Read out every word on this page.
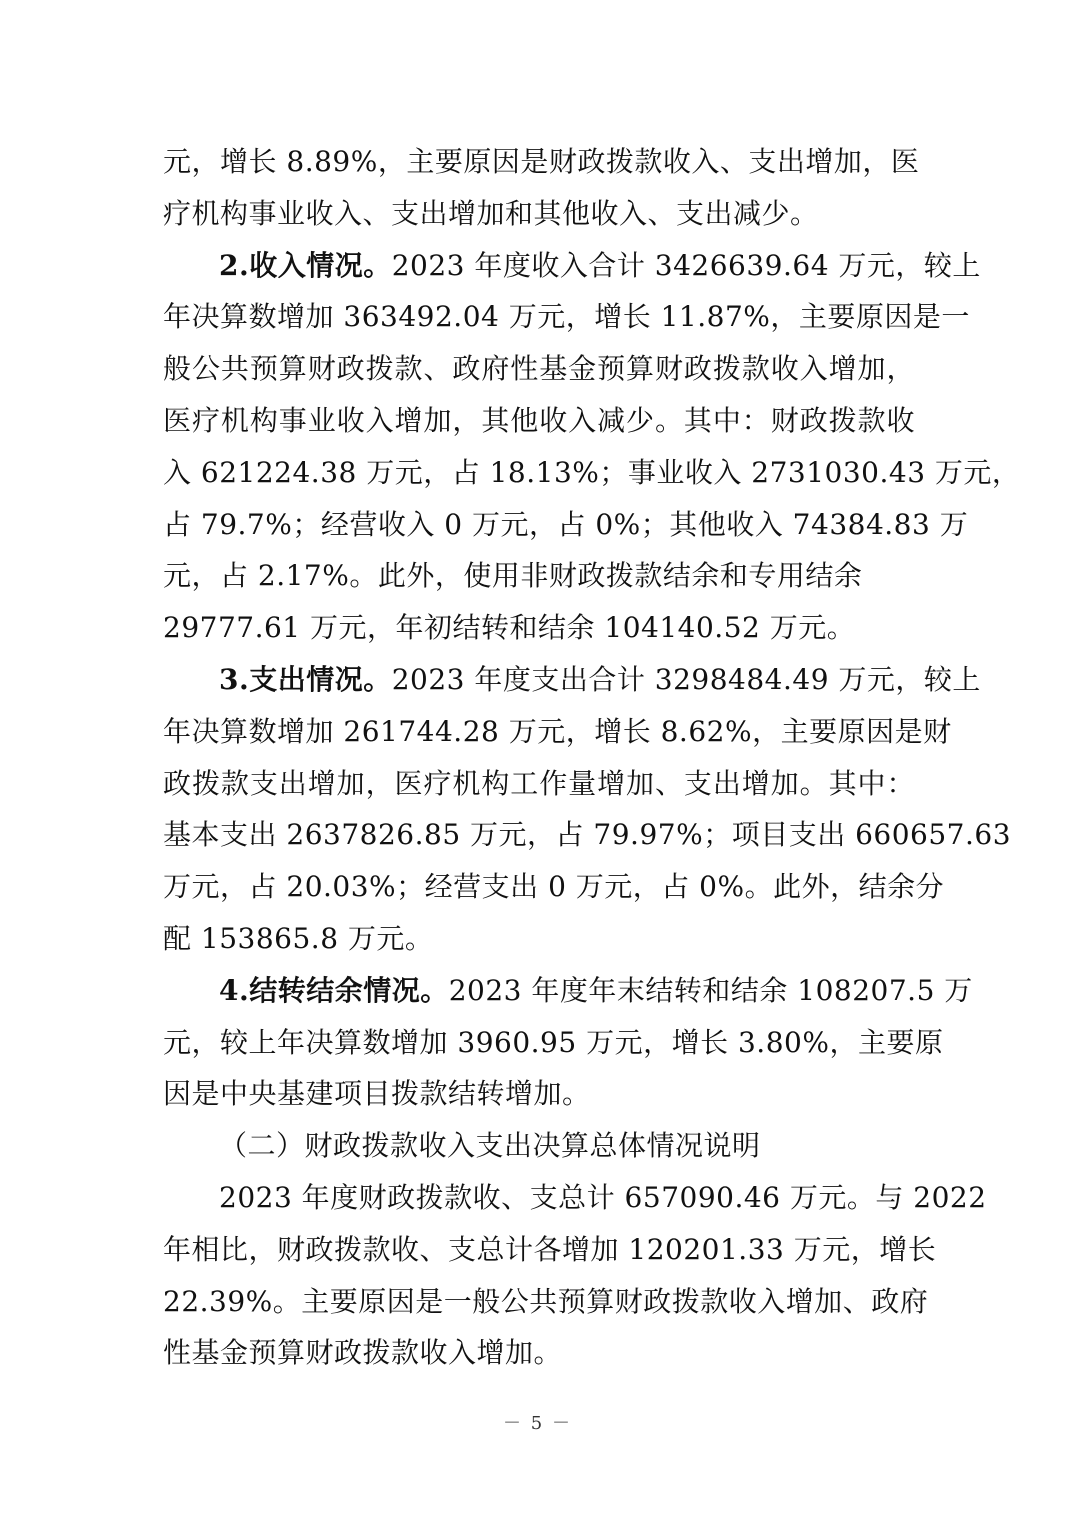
元，增长 8.89%，主要原因是财政拨款收入、支出增加，医
疗机构事业收入、支出增加和其他收入、支出减少。
2.收入情况。2023 年度收入合计 3426639.64 万元，较上
年决算数增加 363492.04 万元，增长 11.87%，主要原因是一
般公共预算财政拨款、政府性基金预算财政拨款收入增加，
医疗机构事业收入增加，其他收入减少。其中：财政拨款收
入 621224.38 万元，占 18.13%；事业收入 2731030.43 万元，
占 79.7%；经营收入 0 万元，占 0%；其他收入 74384.83 万
元，占 2.17%。此外，使用非财政拨款结余和专用结余
29777.61 万元，年初结转和结余 104140.52 万元。
3.支出情况。2023 年度支出合计 3298484.49 万元，较上
年决算数增加 261744.28 万元，增长 8.62%，主要原因是财
政拨款支出增加，医疗机构工作量增加、支出增加。其中：
基本支出 2637826.85 万元，占 79.97%；项目支出 660657.63
万元，占 20.03%；经营支出 0 万元，占 0%。此外，结余分
配 153865.8 万元。
4.结转结余情况。2023 年度年末结转和结余 108207.5 万
元，较上年决算数增加 3960.95 万元，增长 3.80%，主要原
因是中央基建项目拨款结转增加。
（二）财政拨款收入支出决算总体情况说明
2023 年度财政拨款收、支总计 657090.46 万元。与 2022
年相比，财政拨款收、支总计各增加 120201.33 万元，增长
22.39%。主要原因是一般公共预算财政拨款收入增加、政府
性基金预算财政拨款收入增加。
－ 5 －
